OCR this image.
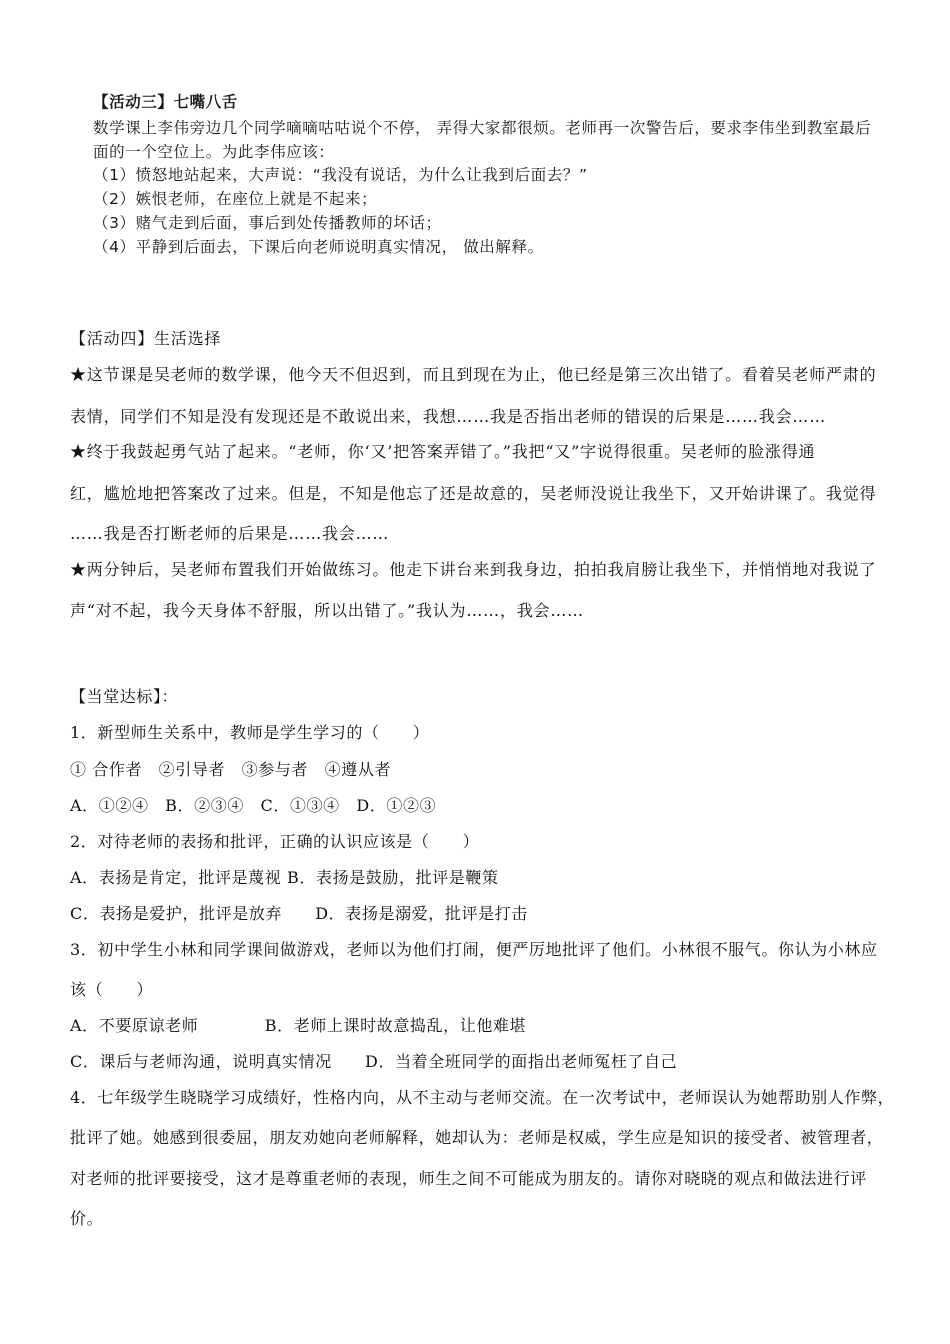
【活动三】七嘴八舌
数学课上李伟旁边几个同学嘀嘀咕咕说个不停， 弄得大家都很烦。老师再一次警告后，要求李伟坐到教室最后
面的一个空位上。为此李伟应该：
（1）愤怒地站起来，大声说：“我没有说话，为什么让我到后面去？”
（2）嫉恨老师，在座位上就是不起来；
（3）赌气走到后面，事后到处传播教师的坏话；
（4）平静到后面去，下课后向老师说明真实情况， 做出解释。
【活动四】生活选择
★这节课是吴老师的数学课，他今天不但迟到，而且到现在为止，他已经是第三次出错了。看着吴老师严肃的
表情，同学们不知是没有发现还是不敢说出来，我想……我是否指出老师的错误的后果是……我会……
★终于我鼓起勇气站了起来。“老师，你‘又’把答案弄错了。”我把“又”字说得很重。吴老师的脸涨得通
红，尴尬地把答案改了过来。但是，不知是他忘了还是故意的，吴老师没说让我坐下，又开始讲课了。我觉得
……我是否打断老师的后果是……我会……
★两分钟后，吴老师布置我们开始做练习。他走下讲台来到我身边，拍拍我肩膀让我坐下，并悄悄地对我说了
声“对不起，我今天身体不舒服，所以出错了。”我认为……，我会……
【当堂达标】：
1．新型师生关系中，教师是学生学习的（　　）
① 合作者　②引导者　③参与者　④遵从者
A．①②④　B．②③④　C．①③④　D．①②③
2．对待老师的表扬和批评，正确的认识应该是（　　）
A．表扬是肯定，批评是蔑视 B．表扬是鼓励，批评是鞭策
C．表扬是爱护，批评是放弃　　D．表扬是溺爱，批评是打击
3．初中学生小林和同学课间做游戏，老师以为他们打闹，便严厉地批评了他们。小林很不服气。你认为小林应
该（　　）
A．不要原谅老师　　　　B．老师上课时故意捣乱，让他难堪
C．课后与老师沟通，说明真实情况　　D．当着全班同学的面指出老师冤枉了自己
4．七年级学生晓晓学习成绩好，性格内向，从不主动与老师交流。在一次考试中，老师误认为她帮助别人作弊，
批评了她。她感到很委屈，朋友劝她向老师解释，她却认为：老师是权威，学生应是知识的接受者、被管理者，
对老师的批评要接受，这才是尊重老师的表现，师生之间不可能成为朋友的。请你对晓晓的观点和做法进行评
价。
